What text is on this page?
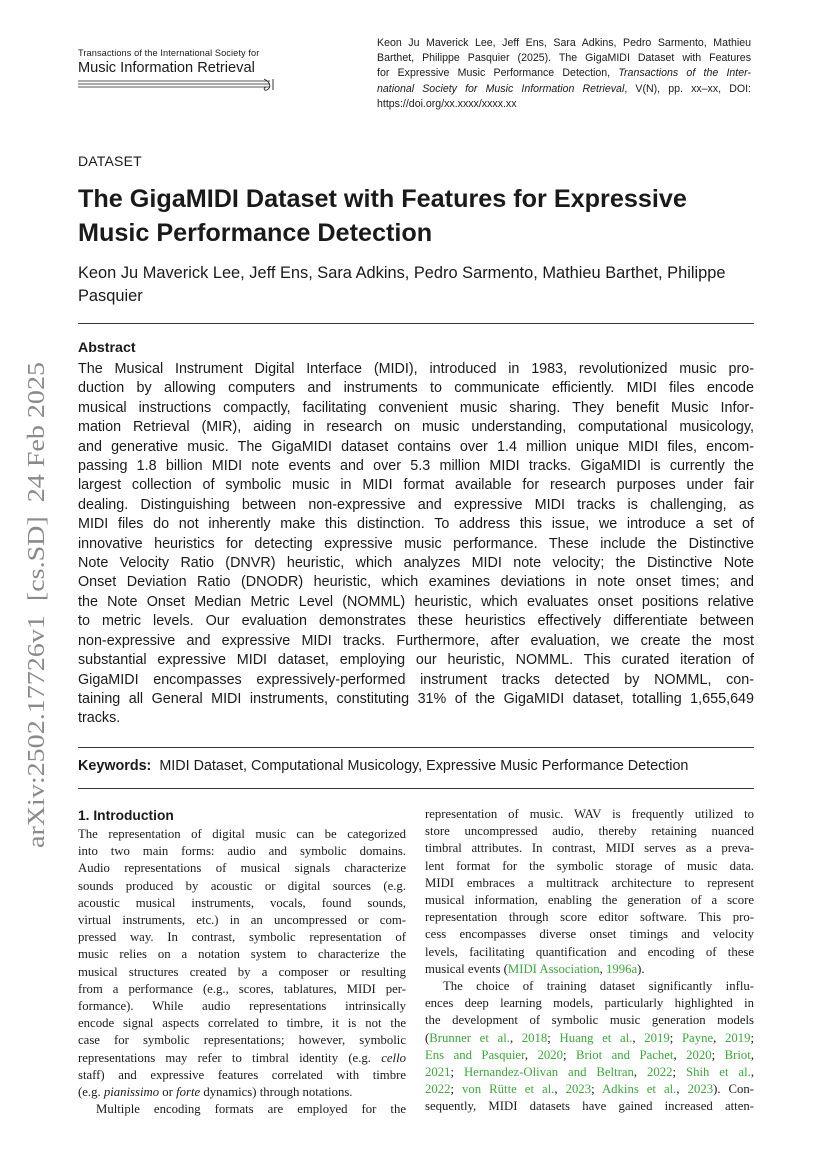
Transactions of the International Society for
Music Information Retrieval
Keon Ju Maverick Lee, Jeff Ens, Sara Adkins, Pedro Sarmento, Mathieu
Barthet, Philippe Pasquier (2025). The GigaMIDI Dataset with Features
for Expressive Music Performance Detection, Transactions of the Inter-
national Society for Music Information Retrieval, V(N), pp. xx–xx, DOI:
https://doi.org/xx.xxxx/xxxx.xx
DATASET
The GigaMIDI Dataset with Features for Expressive Music Performance Detection
Keon Ju Maverick Lee, Jeff Ens, Sara Adkins, Pedro Sarmento, Mathieu Barthet, Philippe Pasquier
Abstract
The Musical Instrument Digital Interface (MIDI), introduced in 1983, revolutionized music pro-
duction by allowing computers and instruments to communicate efficiently. MIDI files encode
musical instructions compactly, facilitating convenient music sharing. They benefit Music Infor-
mation Retrieval (MIR), aiding in research on music understanding, computational musicology,
and generative music. The GigaMIDI dataset contains over 1.4 million unique MIDI files, encom-
passing 1.8 billion MIDI note events and over 5.3 million MIDI tracks. GigaMIDI is currently the
largest collection of symbolic music in MIDI format available for research purposes under fair
dealing. Distinguishing between non-expressive and expressive MIDI tracks is challenging, as
MIDI files do not inherently make this distinction. To address this issue, we introduce a set of
innovative heuristics for detecting expressive music performance. These include the Distinctive
Note Velocity Ratio (DNVR) heuristic, which analyzes MIDI note velocity; the Distinctive Note
Onset Deviation Ratio (DNODR) heuristic, which examines deviations in note onset times; and
the Note Onset Median Metric Level (NOMML) heuristic, which evaluates onset positions relative
to metric levels. Our evaluation demonstrates these heuristics effectively differentiate between
non-expressive and expressive MIDI tracks. Furthermore, after evaluation, we create the most
substantial expressive MIDI dataset, employing our heuristic, NOMML. This curated iteration of
GigaMIDI encompasses expressively-performed instrument tracks detected by NOMML, con-
taining all General MIDI instruments, constituting 31% of the GigaMIDI dataset, totalling 1,655,649
tracks.
Keywords: MIDI Dataset, Computational Musicology, Expressive Music Performance Detection
arXiv:2502.17726v1  [cs.SD]  24 Feb 2025 1. Introduction
The representation of digital music can be categorized
into two main forms: audio and symbolic domains.
Audio representations of musical signals characterize
sounds produced by acoustic or digital sources (e.g.
acoustic musical instruments, vocals, found sounds,
virtual instruments, etc.) in an uncompressed or com-
pressed way. In contrast, symbolic representation of
music relies on a notation system to characterize the
musical structures created by a composer or resulting
from a performance (e.g., scores, tablatures, MIDI per-
formance). While audio representations intrinsically
encode signal aspects correlated to timbre, it is not the
case for symbolic representations; however, symbolic
representations may refer to timbral identity (e.g. cello
staff) and expressive features correlated with timbre
(e.g. pianissimo or forte dynamics) through notations.
Multiple encoding formats are employed for the
representation of music. WAV is frequently utilized to
store uncompressed audio, thereby retaining nuanced
timbral attributes. In contrast, MIDI serves as a preva-
lent format for the symbolic storage of music data.
MIDI embraces a multitrack architecture to represent
musical information, enabling the generation of a score
representation through score editor software. This pro-
cess encompasses diverse onset timings and velocity
levels, facilitating quantification and encoding of these
musical events (MIDI Association, 1996a).
The choice of training dataset significantly influ-
ences deep learning models, particularly highlighted in
the development of symbolic music generation models
(Brunner et al., 2018; Huang et al., 2019; Payne, 2019;
Ens and Pasquier, 2020; Briot and Pachet, 2020; Briot,
2021; Hernandez-Olivan and Beltran, 2022; Shih et al.,
2022; von Rütte et al., 2023; Adkins et al., 2023). Con-
sequently, MIDI datasets have gained increased atten-
